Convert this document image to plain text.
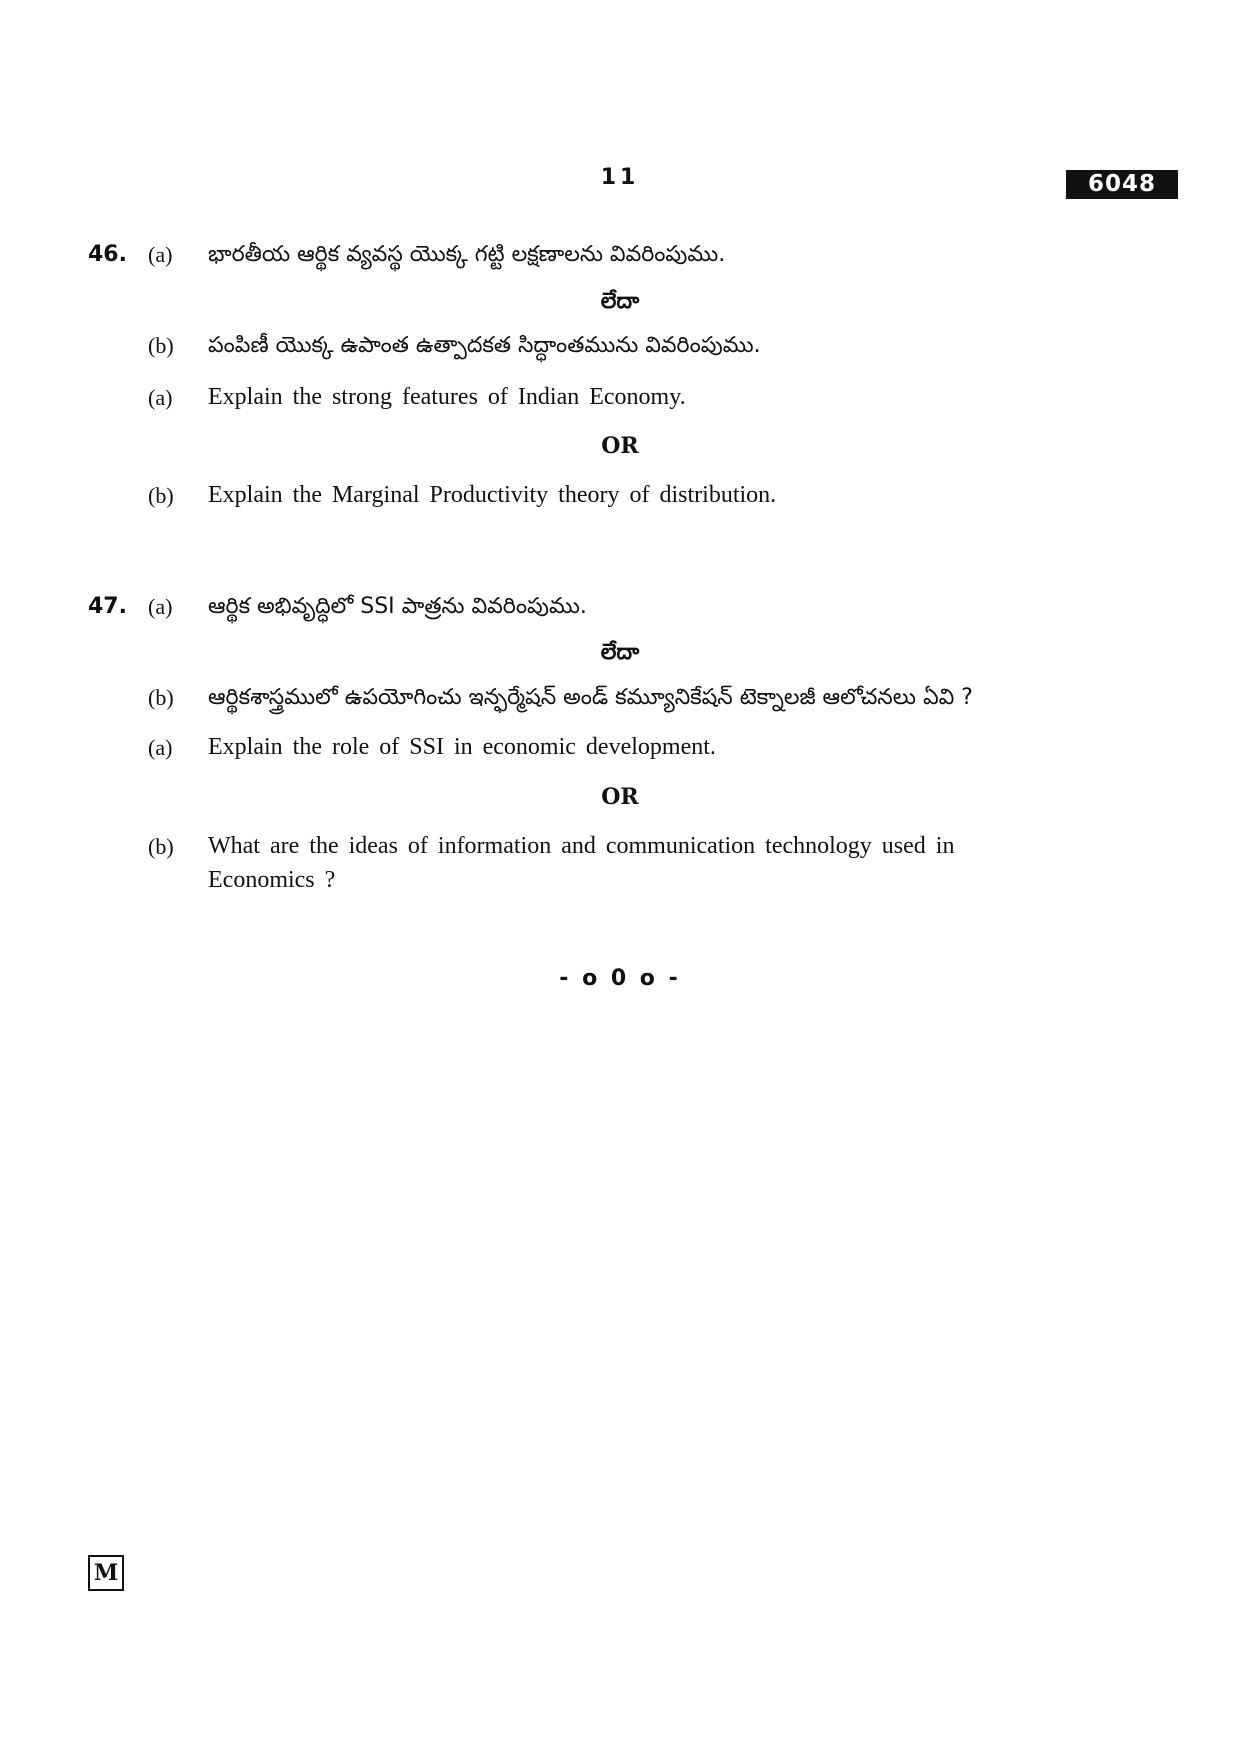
11	6048
46. (a) భారతీయ ఆర్థిక వ్యవస్థ యొక్క గట్టి లక్షణాలను వివరింపుము.
లేదా
(b) పంపిణీ యొక్క ఉపాంత ఉత్పాదకత సిద్ధాంతమును వివరింపుము.
(a) Explain the strong features of Indian Economy.
OR
(b) Explain the Marginal Productivity theory of distribution.
47. (a) ఆర్థిక అభివృద్ధిలో SSI పాత్రను వివరింపుము.
లేదా
(b) ఆర్థికశాస్త్రములో ఉపయోగించు ఇన్ఫర్మేషన్ అండ్ కమ్యూనికేషన్ టెక్నాలజీ ఆలోచనలు ఏవి ?
(a) Explain the role of SSI in economic development.
OR
(b) What are the ideas of information and communication technology used in
Economics ?
- o 0 o -
M
